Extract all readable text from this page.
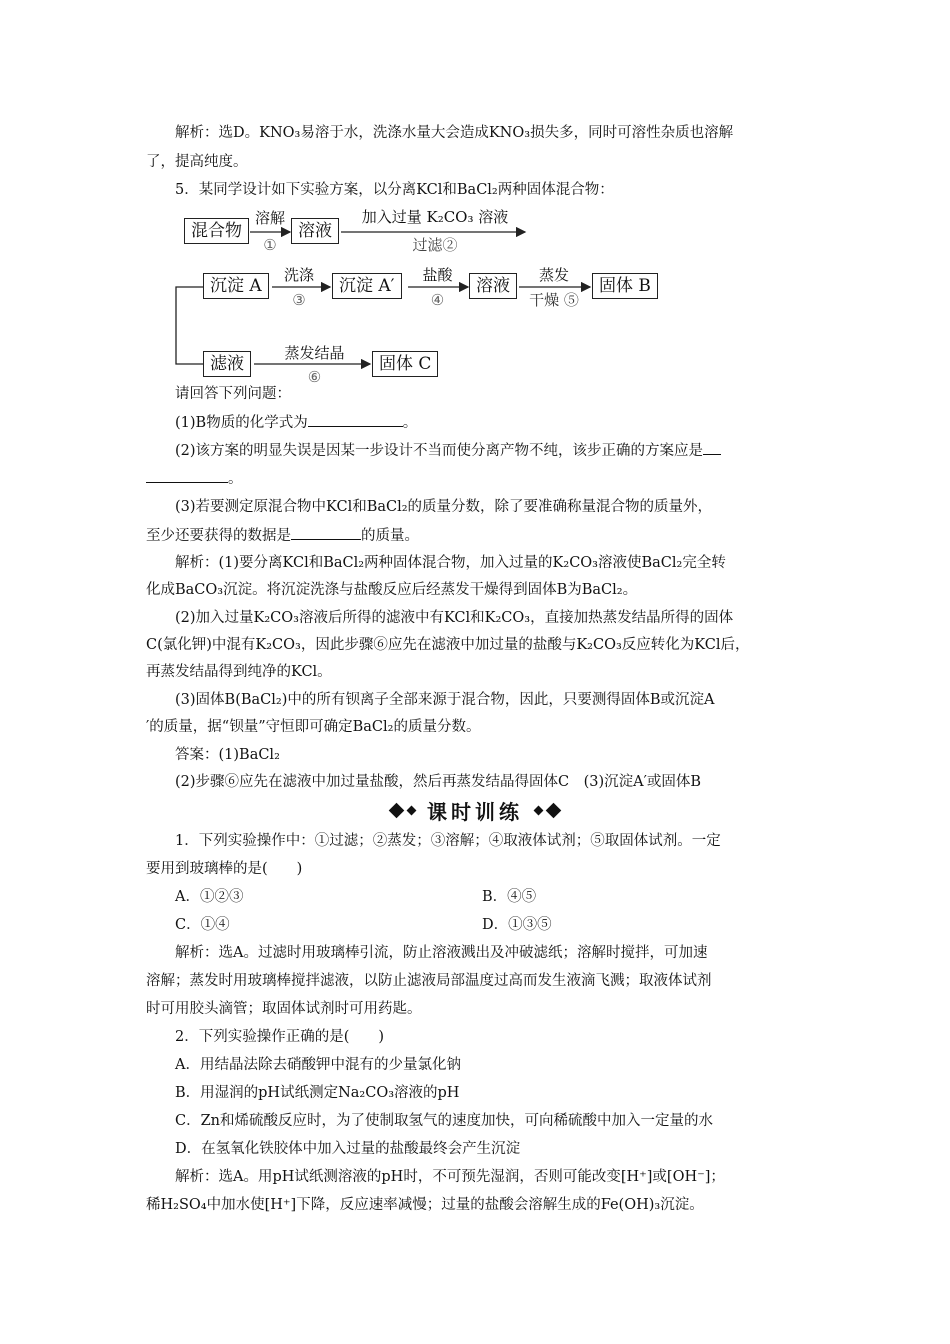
解析：选D。KNO₃易溶于水，洗涤水量大会造成KNO₃损失多，同时可溶性杂质也溶解
了，提高纯度。
5．某同学设计如下实验方案，以分离KCl和BaCl₂两种固体混合物：
混合物
溶解
①
溶液
加入过量 K₂CO₃ 溶液
过滤②
沉淀 A
洗涤
③
沉淀 A′
盐酸
④
溶液
蒸发
干燥 ⑤
固体 B
滤液
蒸发结晶
⑥
固体 C
请回答下列问题：
(1)B物质的化学式为	。
(2)该方案的明显失误是因某一步设计不当而使分离产物不纯，该步正确的方案应是
。
(3)若要测定原混合物中KCl和BaCl₂的质量分数，除了要准确称量混合物的质量外，
至少还要获得的数据是	的质量。
解析：(1)要分离KCl和BaCl₂两种固体混合物，加入过量的K₂CO₃溶液使BaCl₂完全转
化成BaCO₃沉淀。将沉淀洗涤与盐酸反应后经蒸发干燥得到固体B为BaCl₂。
(2)加入过量K₂CO₃溶液后所得的滤液中有KCl和K₂CO₃，直接加热蒸发结晶所得的固体
C(氯化钾)中混有K₂CO₃，因此步骤⑥应先在滤液中加过量的盐酸与K₂CO₃反应转化为KCl后，
再蒸发结晶得到纯净的KCl。
(3)固体B(BaCl₂)中的所有钡离子全部来源于混合物，因此，只要测得固体B或沉淀A
′的质量，据“钡量”守恒即可确定BaCl₂的质量分数。
答案：(1)BaCl₂
(2)步骤⑥应先在滤液中加过量盐酸，然后再蒸发结晶得固体C　(3)沉淀A′或固体B
课时训练
1．下列实验操作中：①过滤；②蒸发；③溶解；④取液体试剂；⑤取固体试剂。一定
要用到玻璃棒的是(　　)
A．①②③	B．④⑤
C．①④	D．①③⑤
解析：选A。过滤时用玻璃棒引流，防止溶液溅出及冲破滤纸；溶解时搅拌，可加速
溶解；蒸发时用玻璃棒搅拌滤液，以防止滤液局部温度过高而发生液滴飞溅；取液体试剂
时可用胶头滴管；取固体试剂时可用药匙。
2．下列实验操作正确的是(　　)
A．用结晶法除去硝酸钾中混有的少量氯化钠
B．用湿润的pH试纸测定Na₂CO₃溶液的pH
C．Zn和烯硫酸反应时，为了使制取氢气的速度加快，可向稀硫酸中加入一定量的水
D．在氢氧化铁胶体中加入过量的盐酸最终会产生沉淀
解析：选A。用pH试纸测溶液的pH时，不可预先湿润，否则可能改变[H⁺]或[OH⁻]；
稀H₂SO₄中加水使[H⁺]下降，反应速率减慢；过量的盐酸会溶解生成的Fe(OH)₃沉淀。
